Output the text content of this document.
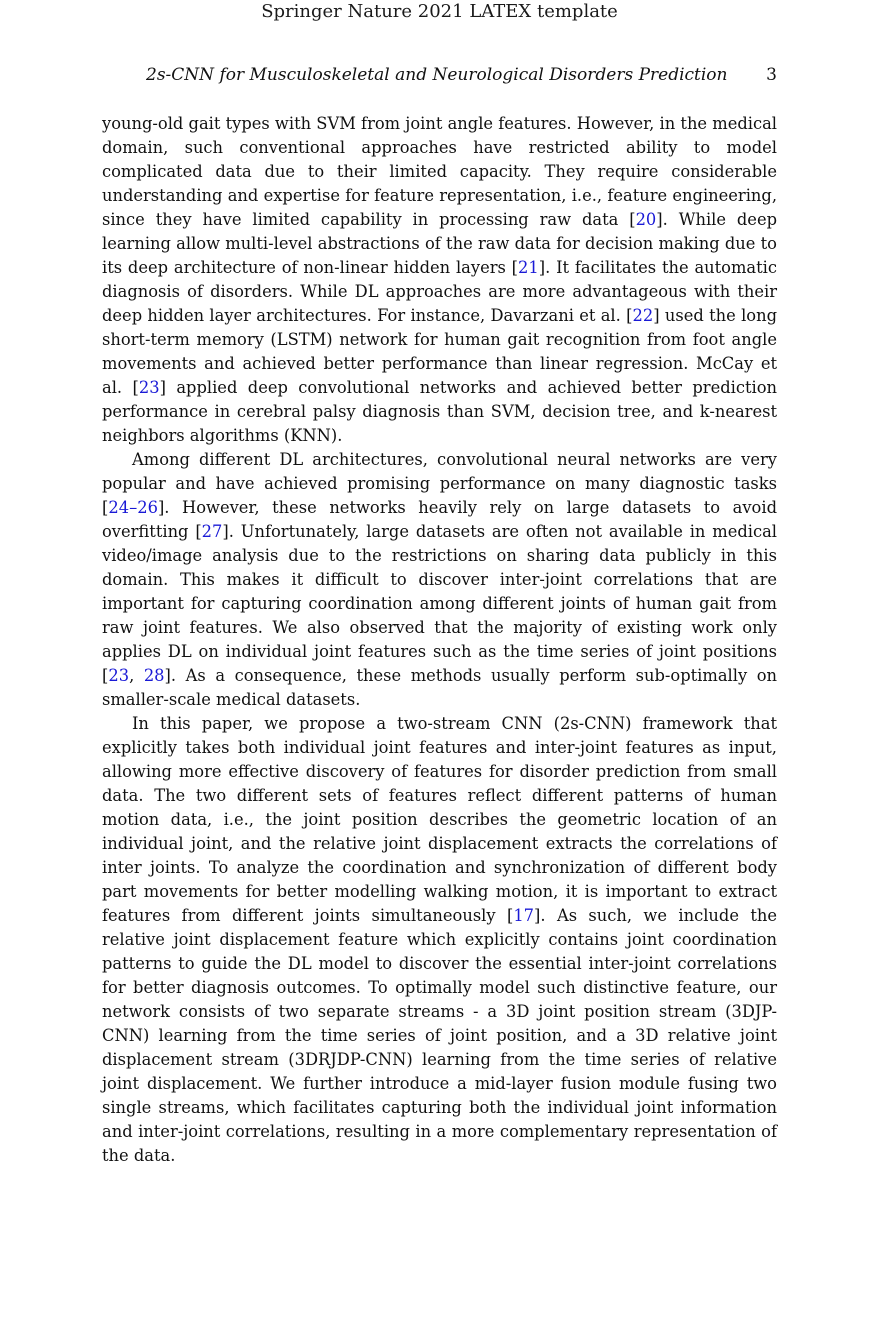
Springer Nature 2021 LATEX template
2s-CNN for Musculoskeletal and Neurological Disorders Prediction 3

young-old gait types with SVM from joint angle features. However, in the medical domain, such conventional approaches have restricted ability to model complicated data due to their limited capacity. They require considerable understanding and expertise for feature representation, i.e., feature engineering, since they have limited capability in processing raw data [20]. While deep learning allow multi-level abstractions of the raw data for decision making due to its deep architecture of non-linear hidden layers [21]. It facilitates the automatic diagnosis of disorders. While DL approaches are more advantageous with their deep hidden layer architectures. For instance, Davarzani et al. [22] used the long short-term memory (LSTM) network for human gait recognition from foot angle movements and achieved better performance than linear regression. McCay et al. [23] applied deep convolutional networks and achieved better prediction performance in cerebral palsy diagnosis than SVM, decision tree, and k-nearest neighbors algorithms (KNN).

Among different DL architectures, convolutional neural networks are very popular and have achieved promising performance on many diagnostic tasks [24–26]. However, these networks heavily rely on large datasets to avoid overfitting [27]. Unfortunately, large datasets are often not available in medical video/image analysis due to the restrictions on sharing data publicly in this domain. This makes it difficult to discover inter-joint correlations that are important for capturing coordination among different joints of human gait from raw joint features. We also observed that the majority of existing work only applies DL on individual joint features such as the time series of joint positions [23, 28]. As a consequence, these methods usually perform sub-optimally on smaller-scale medical datasets.

In this paper, we propose a two-stream CNN (2s-CNN) framework that explicitly takes both individual joint features and inter-joint features as input, allowing more effective discovery of features for disorder prediction from small data. The two different sets of features reflect different patterns of human motion data, i.e., the joint position describes the geometric location of an individual joint, and the relative joint displacement extracts the correlations of inter joints. To analyze the coordination and synchronization of different body part movements for better modelling walking motion, it is important to extract features from different joints simultaneously [17]. As such, we include the relative joint displacement feature which explicitly contains joint coordination patterns to guide the DL model to discover the essential inter-joint correlations for better diagnosis outcomes. To optimally model such distinctive feature, our network consists of two separate streams - a 3D joint position stream (3DJP-CNN) learning from the time series of joint position, and a 3D relative joint displacement stream (3DRJDP-CNN) learning from the time series of relative joint displacement. We further introduce a mid-layer fusion module fusing two single streams, which facilitates capturing both the individual joint information and inter-joint correlations, resulting in a more complementary representation of the data.
